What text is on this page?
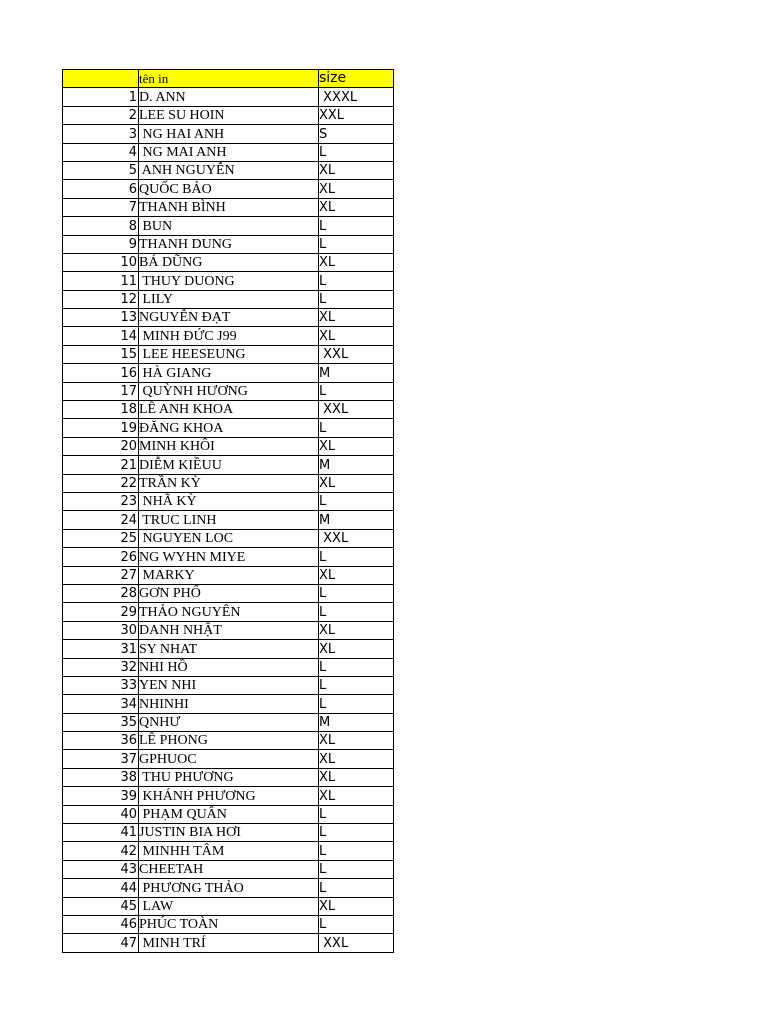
	tên in	size
1	D. ANN	XXXL
2	LEE SU HOIN	XXL
3	NG HAI ANH	S
4	NG MAI ANH	L
5	ANH NGUYỄN	XL
6	QUỐC BẢO	XL
7	THANH BÌNH	XL
8	BUN	L
9	THANH DUNG	L
10	BÁ DŨNG	XL
11	THUY DUONG	L
12	LILY	L
13	NGUYỄN ĐẠT	XL
14	MINH ĐỨC J99	XL
15	LEE HEESEUNG	XXL
16	HÀ GIANG	M
17	QUỲNH HƯƠNG	L
18	LÊ ANH KHOA	XXL
19	ĐĂNG KHOA	L
20	MINH KHÔI	XL
21	DIỄM KIỀUU	M
22	TRẦN KỲ	XL
23	NHÃ KỲ	L
24	TRUC LINH	M
25	NGUYEN LOC	XXL
26	NG WYHN MIYE	L
27	MARKY	XL
28	GƠN PHỐ	L
29	THẢO NGUYÊN	L
30	DANH NHẬT	XL
31	SY NHAT	XL
32	NHI HỒ	L
33	YEN NHI	L
34	NHINHI	L
35	QNHƯ	M
36	LÊ PHONG	XL
37	GPHUOC	XL
38	THU PHƯƠNG	XL
39	KHÁNH PHƯƠNG	XL
40	PHẠM QUÂN	L
41	JUSTIN BIA HƠI	L
42	MINHH TÂM	L
43	CHEETAH	L
44	PHƯƠNG THẢO	L
45	LAW	XL
46	PHÚC TOÀN	L
47	MINH TRÍ	XXL
